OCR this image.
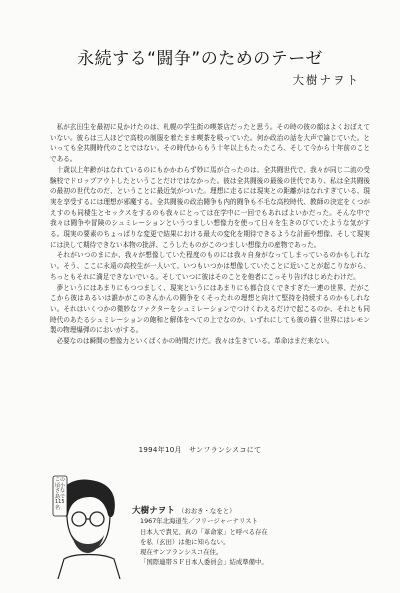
永続する“闘争”のためのテーゼ
大樹ナヲト

私が玄田生を最初に見かけたのは、札幌の学生街の喫茶店だったと思う。その時の彼の顔はよくおぼえていない。彼らは三人ほどで高校の制服を着たまま喫茶を吸っていた。何か政治の話を大声で論じていた。といっても全共闘時代のことではない。その時代からもう十年以上もたったころ、そして今から十年前のことである。

十歳以上年齢がはなれているのにもかかわらず妙に馬が合ったのは、全共闘世代で、我々が同じ二流の受験校でドロップアウトしたということだけではなかった。彼は全共闘後の最後の世代であり、私は全共闘後の最初の世代なのだ、ということに最近気がついた。理想に走るには現実との距離がはなれすぎている、現実を享受するには理想が邪魔する。全共闘後の政治闘争も内的闘争も不毛な高校時代、教師の決定をくつがえすのも同棲生とセックスをするのも我々にとっては在学中に一回でもあればよいかだった。そんな中で我々は闘争や冒険のシュミレーションというつましい想像力を使って日々を生きのびていたような気がする。現実の要素のちょっぱりな変更で結果における最大の変化を期待できるような計画や想像、そして現実には決して期待できない本物の批評、こうしたものがこのつましい想像力の産物であった。

それがいつのまにか、我々が想像していた程度のものには我々自身がなってしまっているのかもしれない。そう、ここに永遠の高校生が一人いて、いつもいつかは想像していたことに近いことが起こりながら、ちっともそれに満足できないでいる。そしていつに彼はそのことを他者にこっそり告げはじめたわけだ。

夢というにはあまりにもつつましく、現実というにはあまりにも都合良くできすぎた一連の世界、だがここから彼はあるいは誰かがこのきんかんの闘争をくそったれの理想と向けて堅持を持続するのかもしれない。それはいくつかの微妙なファクターをシュミレーションでつけくわえるだけで起こるのか、それとも同時代のあたるシュミレーションの飽和と解体をへての上でなのか、いずれにしても彼の描く世界にはレモン製の物理爆弾のにおいがする。

必要なのは瞬間の想像力といくばくかの時間だけだ。我々は生きている。革命はまだ来ない。

1994年10月　サンフランシスコにて
この頃小さな島で115名	大樹ナヲト （おおき・なをと）
1967年北海道生／フリージャーナリスト
日本人で貴兄、真の「革命家」と呼べる存在
を私（玄田）は他に知らない。
現在サンフランシスコ在住。
「国際連帯ＳＦ日本人委員会」結成準備中。
